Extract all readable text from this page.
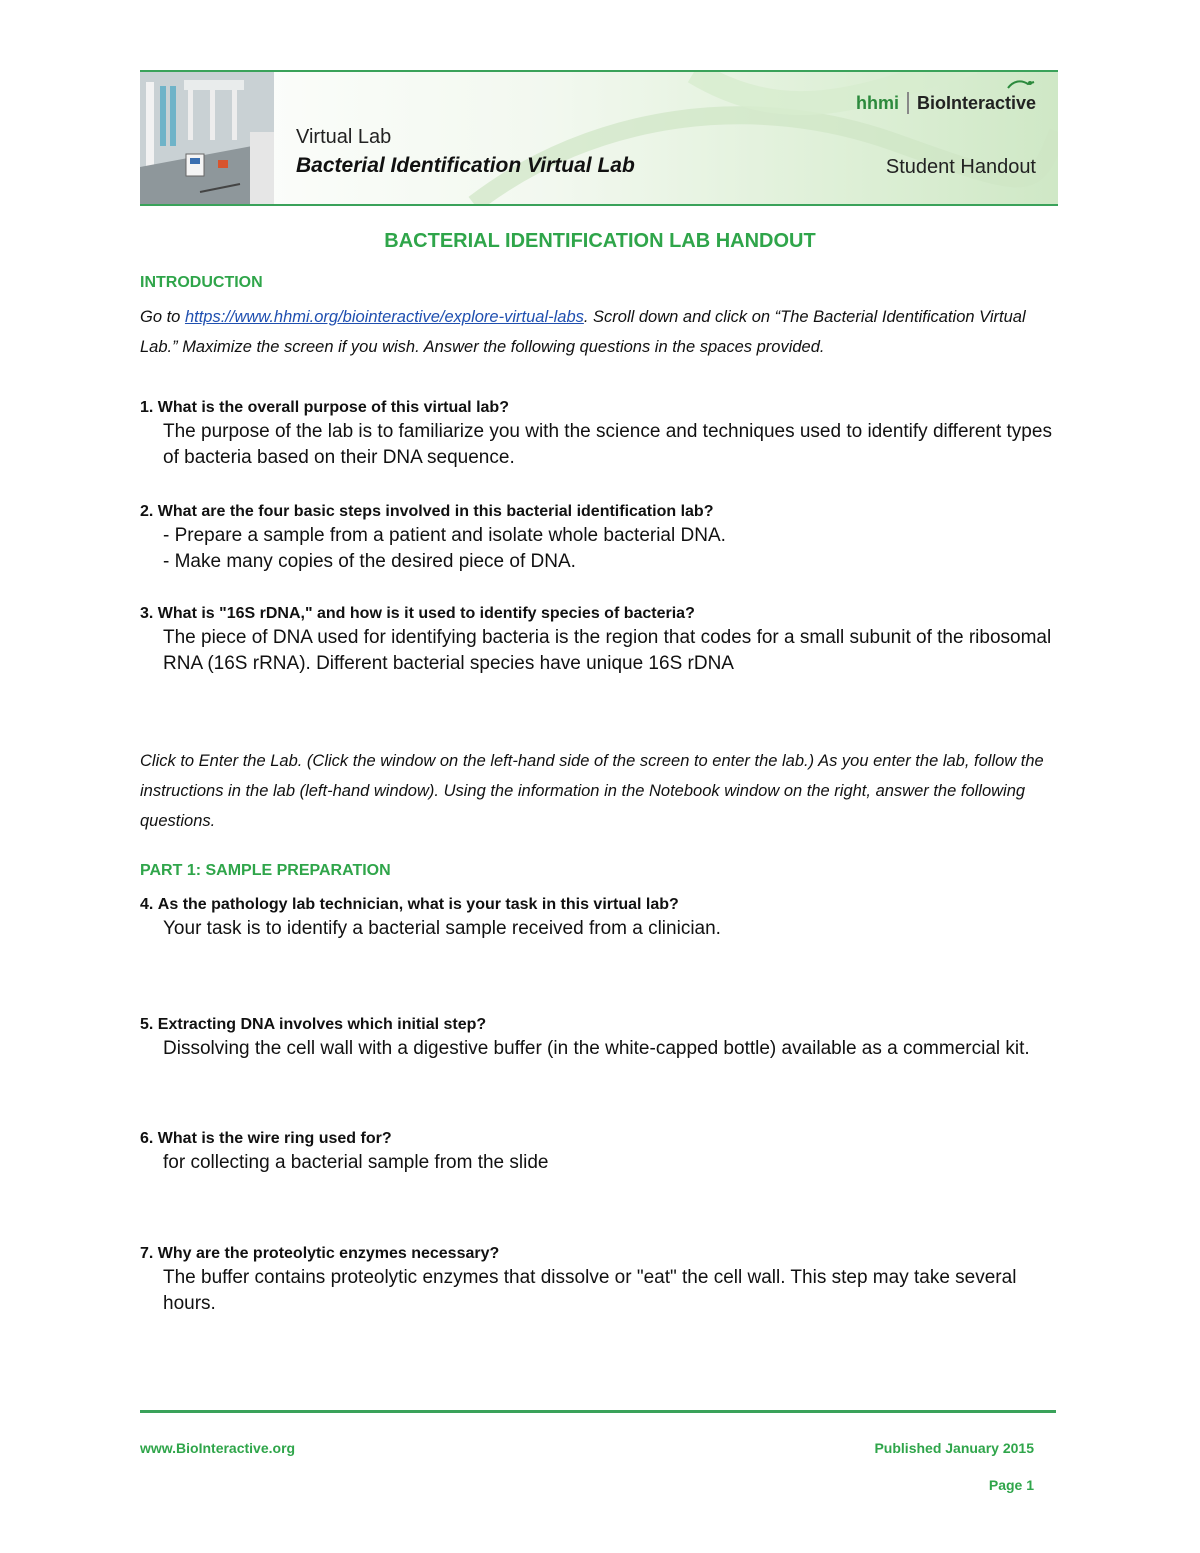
hhmi BioInteractive
Virtual Lab
Bacterial Identification Virtual Lab	Student Handout
BACTERIAL IDENTIFICATION LAB HANDOUT
INTRODUCTION
Go to https://www.hhmi.org/biointeractive/explore-virtual-labs. Scroll down and click on “The Bacterial Identification Virtual Lab.” Maximize the screen if you wish. Answer the following questions in the spaces provided.
1. What is the overall purpose of this virtual lab?
The purpose of the lab is to familiarize you with the science and techniques used to identify different types of bacteria based on their DNA sequence.
2. What are the four basic steps involved in this bacterial identification lab?
- Prepare a sample from a patient and isolate whole bacterial DNA.
- Make many copies of the desired piece of DNA.
3. What is "16S rDNA," and how is it used to identify species of bacteria?
The piece of DNA used for identifying bacteria is the region that codes for a small subunit of the ribosomal RNA (16S rRNA). Different bacterial species have unique 16S rDNA
Click to Enter the Lab. (Click the window on the left-hand side of the screen to enter the lab.) As you enter the lab, follow the instructions in the lab (left-hand window). Using the information in the Notebook window on the right, answer the following questions.
PART 1: SAMPLE PREPARATION
4. As the pathology lab technician, what is your task in this virtual lab?
Your task is to identify a bacterial sample received from a clinician.
5. Extracting DNA involves which initial step?
Dissolving the cell wall with a digestive buffer (in the white-capped bottle) available as a commercial kit.
6. What is the wire ring used for?
for collecting a bacterial sample from the slide
7. Why are the proteolytic enzymes necessary?
The buffer contains proteolytic enzymes that dissolve or "eat" the cell wall. This step may take several hours.
www.BioInteractive.org	Published January 2015
Page 1
